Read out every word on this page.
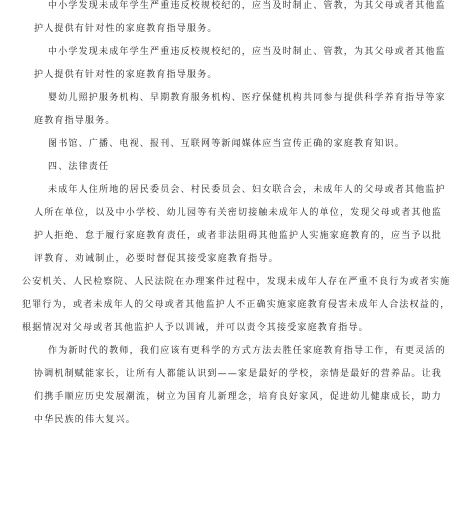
中小学发现未成年学生严重违反校规校纪的，应当及时制止、管教，为其父母或者其他监护人提供有针对性的家庭教育指导服务。

中小学发现未成年学生严重违反校规校纪的，应当及时制止、管教，为其父母或者其他监护人提供有针对性的家庭教育指导服务。

婴幼儿照护服务机构、早期教育服务机构、医疗保健机构共同参与提供科学养育指导等家庭教育指导服务。

图书馆、广播、电视、报刊、互联网等新闻媒体应当宣传正确的家庭教育知识。

四、法律责任

未成年人住所地的居民委员会、村民委员会、妇女联合会，未成年人的父母或者其他监护人所在单位，以及中小学校、幼儿园等有关密切接触未成年人的单位，发现父母或者其他监护人拒绝、怠于履行家庭教育责任，或者非法阻碍其他监护人实施家庭教育的，应当予以批评教育、劝诫制止，必要时督促其接受家庭教育指导。

公安机关、人民检察院、人民法院在办理案件过程中，发现未成年人存在严重不良行为或者实施犯罪行为，或者未成年人的父母或者其他监护人不正确实施家庭教育侵害未成年人合法权益的，根据情况对父母或者其他监护人予以训诫，并可以责令其接受家庭教育指导。

作为新时代的教师，我们应该有更科学的方式方法去胜任家庭教育指导工作，有更灵活的协调机制赋能家长，让所有人都能认识到——家是最好的学校，亲情是最好的营养品。让我们携手顺应历史发展潮流，树立为国育儿新理念，培育良好家风，促进幼儿健康成长，助力中华民族的伟大复兴。
